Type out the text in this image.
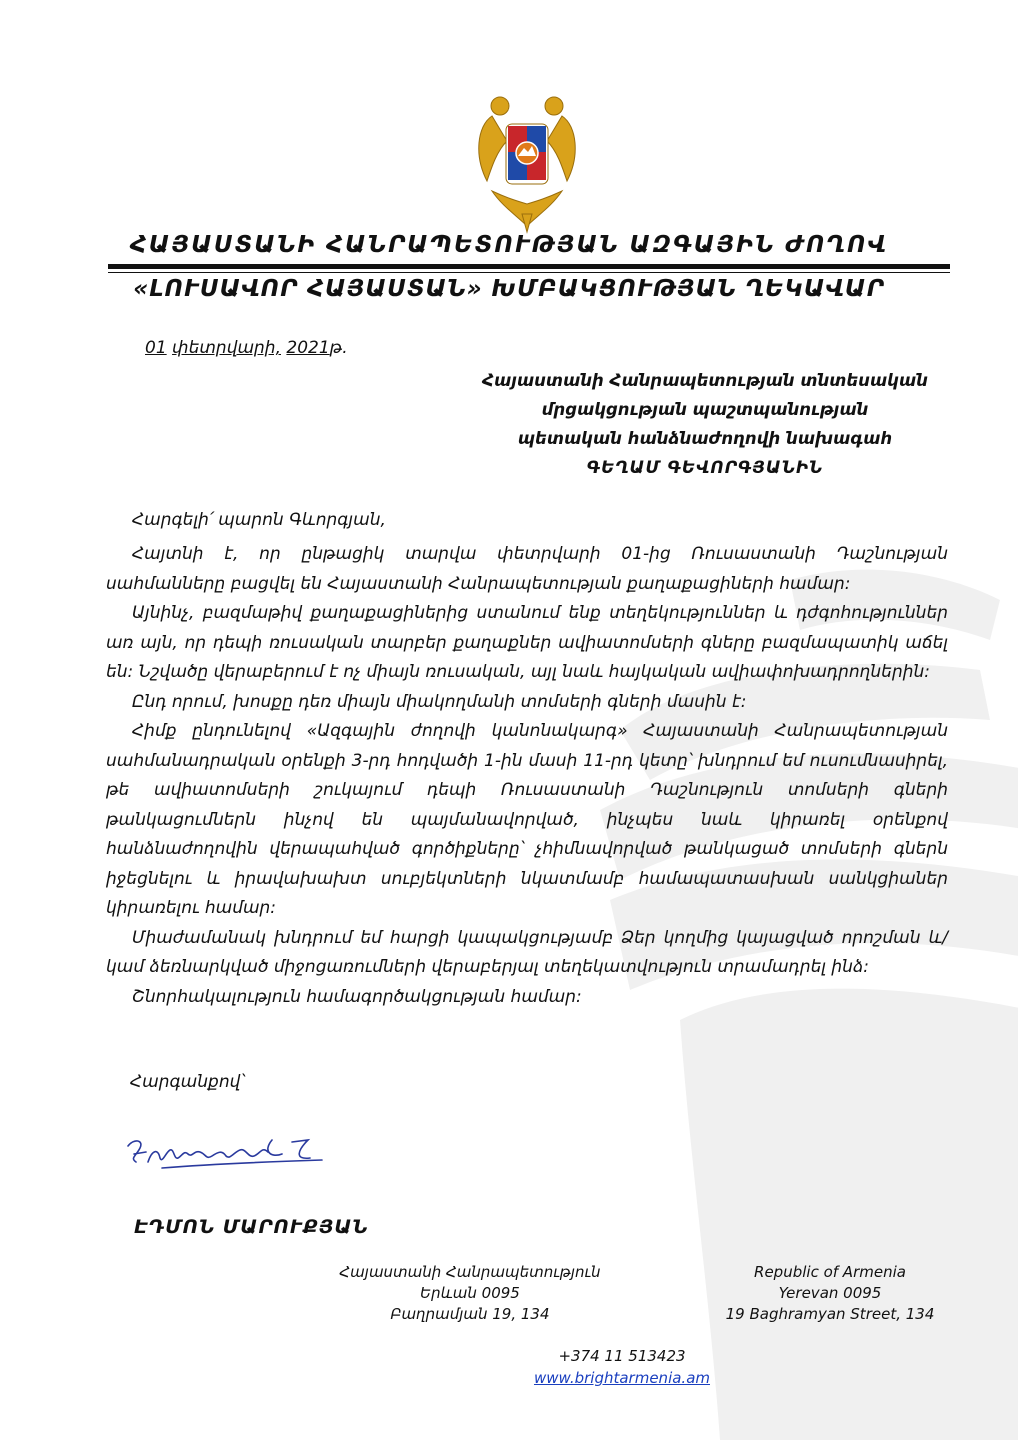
ՀԱՅԱՍՏԱՆԻ ՀԱՆՐԱՊԵՏՈՒԹՅԱՆ ԱԶԳԱՅԻՆ ԺՈՂՈՎ
«ԼՈՒՍԱՎՈՐ ՀԱՅԱՍՏԱՆ» ԽՄԲԱԿՑՈՒԹՅԱՆ ՂԵԿԱՎԱՐ
01 փետրվարի, 2021թ.
Հայաստանի Հանրապետության տնտեսական
մրցակցության պաշտպանության
պետական հանձնաժողովի նախագահ
ԳԵՂԱՄ ԳԵՎՈՐԳՅԱՆԻՆ
Հարգելի՛ պարոն Գևորգյան,

Հայտնի է, որ ընթացիկ տարվա փետրվարի 01-ից Ռուսաստանի Դաշնության սահմանները բացվել են Հայաստանի Հանրապետության քաղաքացիների համար:

Այնինչ, բազմաթիվ քաղաքացիներից ստանում ենք տեղեկություններ և դժգոհություններ առ այն, որ դեպի ռուսական տարբեր քաղաքներ ավիատոմսերի գները բազմապատիկ աճել են: Նշվածը վերաբերում է ոչ միայն ռուսական, այլ նաև հայկական ավիափոխադրողներին:

Ընդ որում, խոսքը դեռ միայն միակողմանի տոմսերի գների մասին է:

Հիմք ընդունելով «Ազգային ժողովի կանոնակարգ» Հայաստանի Հանրապետության սահմանադրական օրենքի 3-րդ հոդվածի 1-ին մասի 11-րդ կետը՝ խնդրում եմ ուսումնասիրել, թե ավիատոմսերի շուկայում դեպի Ռուսաստանի Դաշնություն տոմսերի գների թանկացումներն ինչով են պայմանավորված, ինչպես նաև կիրառել օրենքով հանձնաժողովին վերապահված գործիքները՝ չհիմնավորված թանկացած տոմսերի գներն իջեցնելու և իրավախախտ սուբյեկտների նկատմամբ համապատասխան սանկցիաներ կիրառելու համար:

Միաժամանակ խնդրում եմ հարցի կապակցությամբ Ձեր կողմից կայացված որոշման և/կամ ձեռնարկված միջոցառումների վերաբերյալ տեղեկատվություն տրամադրել ինձ:

Շնորհակալություն համագործակցության համար:

Հարգանքով՝
ԷԴՄՈՆ ՄԱՐՈՒՔՅԱՆ
Հայաստանի Հանրապետություն
Երևան 0095
Բաղրամյան 19, 134
Republic of Armenia
Yerevan 0095
19 Baghramyan Street, 134
+374 11 513423
www.brightarmenia.am
